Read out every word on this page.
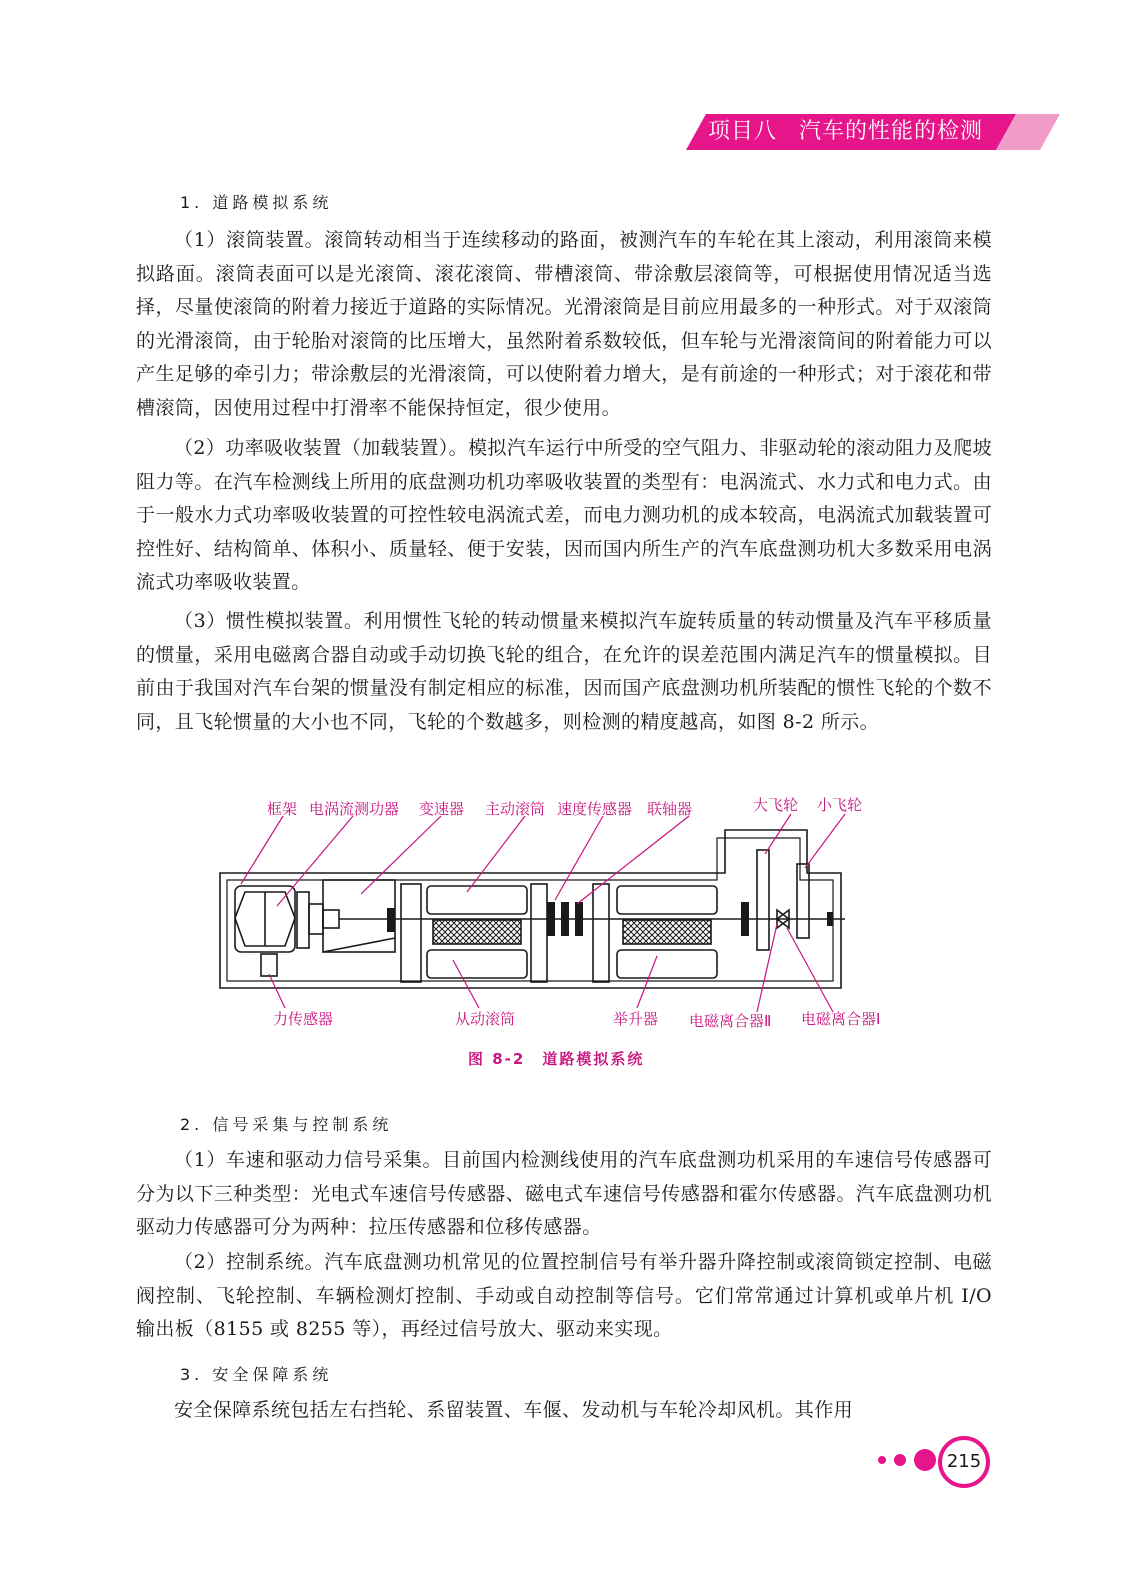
项目八 汽车的性能的检测
1. 道路模拟系统
（1）滚筒装置。滚筒转动相当于连续移动的路面，被测汽车的车轮在其上滚动，利用滚筒来模拟路面。滚筒表面可以是光滚筒、滚花滚筒、带槽滚筒、带涂敷层滚筒等，可根据使用情况适当选择，尽量使滚筒的附着力接近于道路的实际情况。光滑滚筒是目前应用最多的一种形式。对于双滚筒的光滑滚筒，由于轮胎对滚筒的比压增大，虽然附着系数较低，但车轮与光滑滚筒间的附着能力可以产生足够的牵引力；带涂敷层的光滑滚筒，可以使附着力增大，是有前途的一种形式；对于滚花和带槽滚筒，因使用过程中打滑率不能保持恒定，很少使用。
（2）功率吸收装置（加载装置）。模拟汽车运行中所受的空气阻力、非驱动轮的滚动阻力及爬坡阻力等。在汽车检测线上所用的底盘测功机功率吸收装置的类型有：电涡流式、水力式和电力式。由于一般水力式功率吸收装置的可控性较电涡流式差，而电力测功机的成本较高，电涡流式加载装置可控性好、结构简单、体积小、质量轻、便于安装，因而国内所生产的汽车底盘测功机大多数采用电涡流式功率吸收装置。
（3）惯性模拟装置。利用惯性飞轮的转动惯量来模拟汽车旋转质量的转动惯量及汽车平移质量的惯量，采用电磁离合器自动或手动切换飞轮的组合，在允许的误差范围内满足汽车的惯量模拟。目前由于我国对汽车台架的惯量没有制定相应的标准，因而国产底盘测功机所装配的惯性飞轮的个数不同，且飞轮惯量的大小也不同，飞轮的个数越多，则检测的精度越高，如图 8-2 所示。
框架 电涡流测功器 变速器 主动滚筒 速度传感器 联轴器	大飞轮 小飞轮
力传感器	从动滚筒	举升器 电磁离合器Ⅱ 电磁离合器Ⅰ
图 8-2　道路模拟系统
2. 信号采集与控制系统
（1）车速和驱动力信号采集。目前国内检测线使用的汽车底盘测功机采用的车速信号传感器可分为以下三种类型：光电式车速信号传感器、磁电式车速信号传感器和霍尔传感器。汽车底盘测功机驱动力传感器可分为两种：拉压传感器和位移传感器。
（2）控制系统。汽车底盘测功机常见的位置控制信号有举升器升降控制或滚筒锁定控制、电磁阀控制、飞轮控制、车辆检测灯控制、手动或自动控制等信号。它们常常通过计算机或单片机 I/O 输出板（8155 或 8255 等），再经过信号放大、驱动来实现。
3. 安全保障系统
安全保障系统包括左右挡轮、系留装置、车偃、发动机与车轮冷却风机。其作用
215
